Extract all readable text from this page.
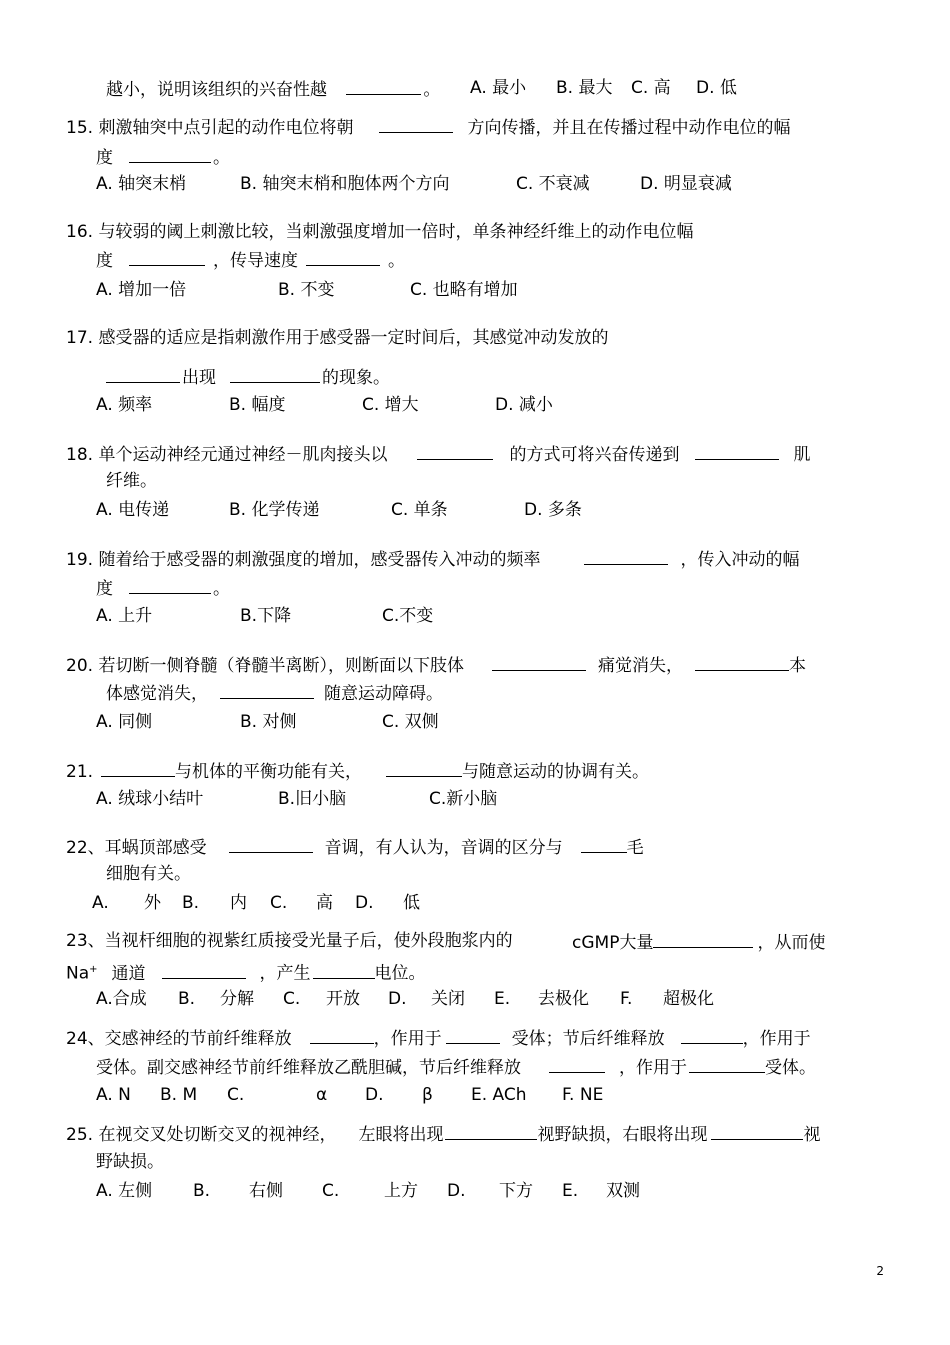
越小，说明该组织的兴奋性越	。 A. 最小 B. 最大 C. 高 D. 低
15. 刺激轴突中点引起的动作电位将朝	方向传播，并且在传播过程中动作电位的幅
度	。
A. 轴突末梢	B. 轴突末梢和胞体两个方向	C. 不衰减	D. 明显衰减
16. 与较弱的阈上刺激比较，当刺激强度增加一倍时，单条神经纤维上的动作电位幅
度	，传导速度	。
A. 增加一倍	B. 不变	C. 也略有增加
17. 感受器的适应是指刺激作用于感受器一定时间后，其感觉冲动发放的
出现	的现象。
A. 频率	B. 幅度	C. 增大	D. 减小
18. 单个运动神经元通过神经－肌肉接头以	的方式可将兴奋传递到	肌
纤维。
A. 电传递	B. 化学传递	C. 单条	D. 多条
19. 随着给于感受器的刺激强度的增加，感受器传入冲动的频率	，传入冲动的幅
度	。
A. 上升	B.下降	C.不变
20. 若切断一侧脊髓（脊髓半离断），则断面以下肢体	痛觉消失，	本
体感觉消失，	随意运动障碍。
A. 同侧	B. 对侧	C. 双侧
21.	与机体的平衡功能有关，	与随意运动的协调有关。
A. 绒球小结叶	B.旧小脑	C.新小脑
22、耳蜗顶部感受	音调，有人认为，音调的区分与	毛
细胞有关。
A. 外 B. 内 C. 高 D. 低
23、当视杆细胞的视紫红质接受光量子后，使外段胞浆内的	cGMP大量	，从而使
Na+ 通道	，产生	电位。
A.合成 B. 分解 C. 开放 D. 关闭 E. 去极化 F. 超极化
24、交感神经的节前纤维释放	，作用于	受体；节后纤维释放	，作用于
受体。副交感神经节前纤维释放乙酰胆碱，节后纤维释放	，作用于	受体。
A. N B. M C.	α D. β E. ACh F. NE
25. 在视交叉处切断交叉的视神经， 左眼将出现	视野缺损，右眼将出现	视
野缺损。
A. 左侧 B. 右侧 C.	上方 D. 下方 E. 双测
2
